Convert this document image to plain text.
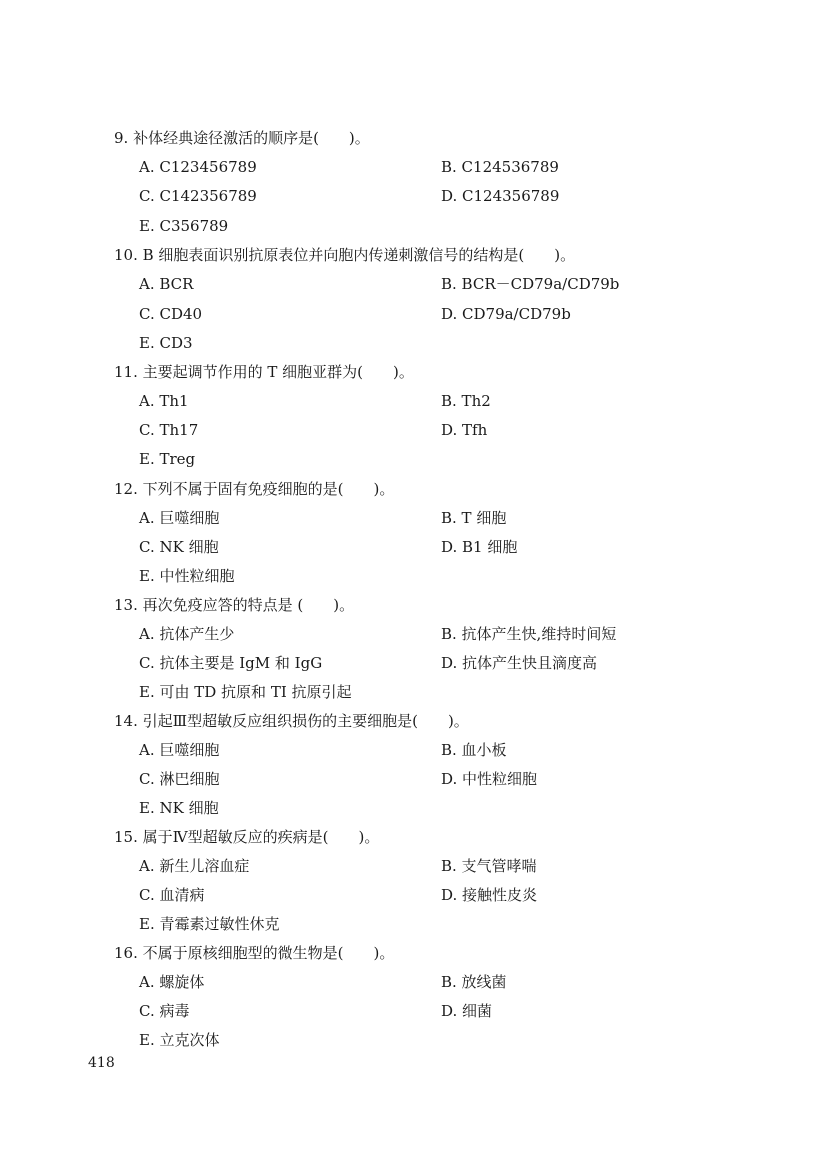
9. 补体经典途径激活的顺序是(　　)。
A. C123456789	B. C124536789
C. C142356789	D. C124356789
E. C356789
10. B 细胞表面识别抗原表位并向胞内传递刺激信号的结构是(　　)。
A. BCR	B. BCR－CD79a/CD79b
C. CD40	D. CD79a/CD79b
E. CD3
11. 主要起调节作用的 T 细胞亚群为(　　)。
A. Th1	B. Th2
C. Th17	D. Tfh
E. Treg
12. 下列不属于固有免疫细胞的是(　　)。
A. 巨噬细胞	B. T 细胞
C. NK 细胞	D. B1 细胞
E. 中性粒细胞
13. 再次免疫应答的特点是 (　　)。
A. 抗体产生少	B. 抗体产生快,维持时间短
C. 抗体主要是 IgM 和 IgG	D. 抗体产生快且滴度高
E. 可由 TD 抗原和 TI 抗原引起
14. 引起Ⅲ型超敏反应组织损伤的主要细胞是(　　)。
A. 巨噬细胞	B. 血小板
C. 淋巴细胞	D. 中性粒细胞
E. NK 细胞
15. 属于Ⅳ型超敏反应的疾病是(　　)。
A. 新生儿溶血症	B. 支气管哮喘
C. 血清病	D. 接触性皮炎
E. 青霉素过敏性休克
16. 不属于原核细胞型的微生物是(　　)。
A. 螺旋体	B. 放线菌
C. 病毒	D. 细菌
E. 立克次体
418
